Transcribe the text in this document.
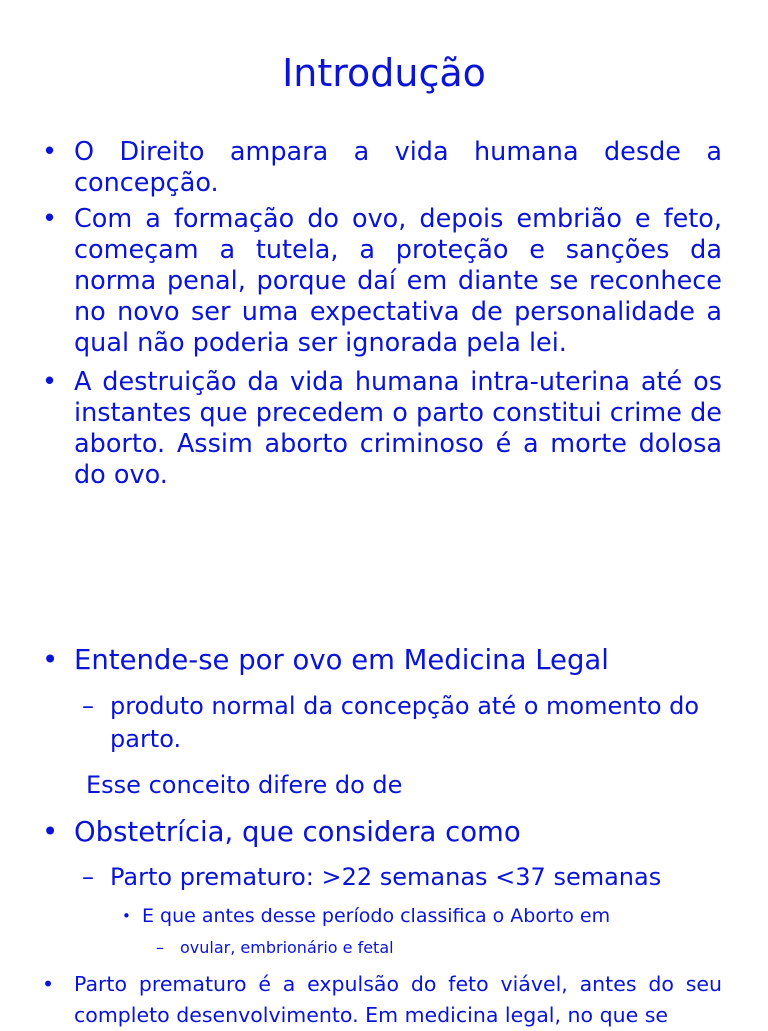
Introdução
• O Direito ampara a vida humana desde a concepção.
• Com a formação do ovo, depois embrião e feto, começam a tutela, a proteção e sanções da norma penal, porque daí em diante se reconhece no novo ser uma expectativa de personalidade a qual não poderia ser ignorada pela lei.
• A destruição da vida humana intra-uterina até os instantes que precedem o parto constitui crime de aborto. Assim aborto criminoso é a morte dolosa do ovo.
• Entende-se por ovo em Medicina Legal
– produto normal da concepção até o momento do parto.
Esse conceito difere do de
• Obstetrícia, que considera como
– Parto prematuro: >22 semanas <37 semanas
• E que antes desse período classifica o Aborto em
– ovular, embrionário e fetal
• Parto prematuro é a expulsão do feto viável, antes do seu completo desenvolvimento. Em medicina legal, no que se
